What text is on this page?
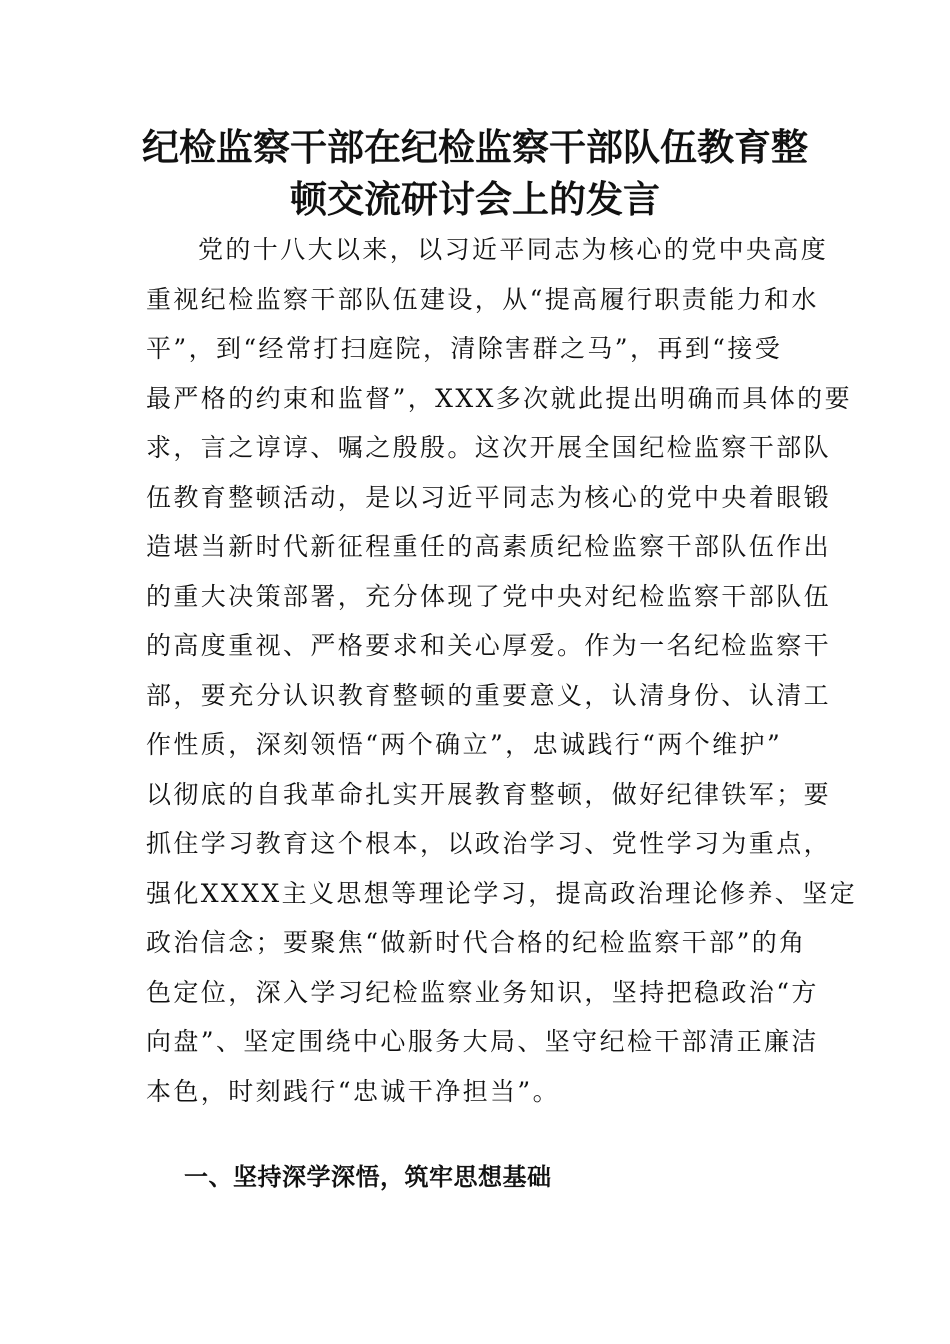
纪检监察干部在纪检监察干部队伍教育整
顿交流研讨会上的发言
党的十八大以来，以习近平同志为核心的党中央高度
重视纪检监察干部队伍建设，从“提高履行职责能力和水
平”，到“经常打扫庭院，清除害群之马”，再到“接受
最严格的约束和监督”，XXX多次就此提出明确而具体的要
求，言之谆谆、嘱之殷殷。这次开展全国纪检监察干部队
伍教育整顿活动，是以习近平同志为核心的党中央着眼锻
造堪当新时代新征程重任的高素质纪检监察干部队伍作出
的重大决策部署，充分体现了党中央对纪检监察干部队伍
的高度重视、严格要求和关心厚爱。作为一名纪检监察干
部，要充分认识教育整顿的重要意义，认清身份、认清工
作性质，深刻领悟“两个确立”，忠诚践行“两个维护”
以彻底的自我革命扎实开展教育整顿，做好纪律铁军；要
抓住学习教育这个根本，以政治学习、党性学习为重点，
强化XXXX主义思想等理论学习，提高政治理论修养、坚定
政治信念；要聚焦“做新时代合格的纪检监察干部”的角
色定位，深入学习纪检监察业务知识，坚持把稳政治“方
向盘”、坚定围绕中心服务大局、坚守纪检干部清正廉洁
本色，时刻践行“忠诚干净担当”。
一、坚持深学深悟，筑牢思想基础
